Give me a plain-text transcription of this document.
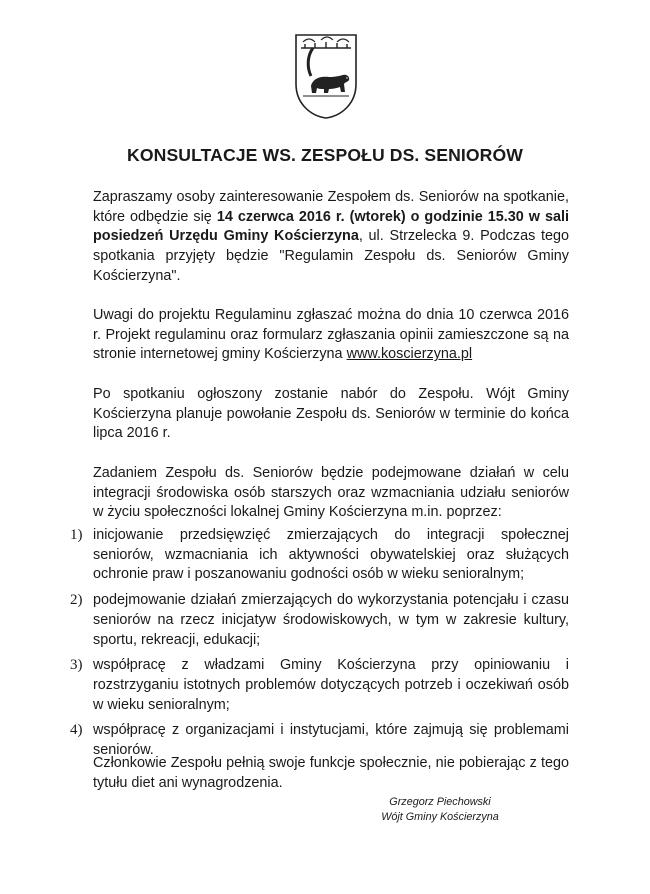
KONSULTACJE WS. ZESPOŁU DS. SENIORÓW

Zapraszamy osoby zainteresowanie Zespołem ds. Seniorów na spotkanie, które odbędzie się 14 czerwca 2016 r. (wtorek) o godzinie 15.30 w sali posiedzeń Urzędu Gminy Kościerzyna, ul. Strzelecka 9. Podczas tego spotkania przyjęty będzie "Regulamin Zespołu ds. Seniorów Gminy Kościerzyna".

Uwagi do projektu Regulaminu zgłaszać można do dnia 10 czerwca 2016 r. Projekt regulaminu oraz formularz zgłaszania opinii zamieszczone są na stronie internetowej gminy Kościerzyna www.koscierzyna.pl

Po spotkaniu ogłoszony zostanie nabór do Zespołu. Wójt Gminy Kościerzyna planuje powołanie Zespołu ds. Seniorów w terminie do końca lipca 2016 r.

Zadaniem Zespołu ds. Seniorów będzie podejmowane działań w celu integracji środowiska osób starszych oraz wzmacniania udziału seniorów w życiu społeczności lokalnej Gminy Kościerzyna m.in. poprzez:

1) inicjowanie przedsięwzięć zmierzających do integracji społecznej seniorów, wzmacniania ich aktywności obywatelskiej oraz służących ochronie praw i poszanowaniu godności osób w wieku senioralnym;
2) podejmowanie działań zmierzających do wykorzystania potencjału i czasu seniorów na rzecz inicjatyw środowiskowych, w tym w zakresie kultury, sportu, rekreacji, edukacji;
3) współpracę z władzami Gminy Kościerzyna przy opiniowaniu i rozstrzyganiu istotnych problemów dotyczących potrzeb i oczekiwań osób w wieku senioralnym;
4) współpracę z organizacjami i instytucjami, które zajmują się problemami seniorów.

Członkowie Zespołu pełnią swoje funkcje społecznie, nie pobierając z tego tytułu diet ani wynagrodzenia.

Grzegorz Piechowski
Wójt Gminy Kościerzyna
